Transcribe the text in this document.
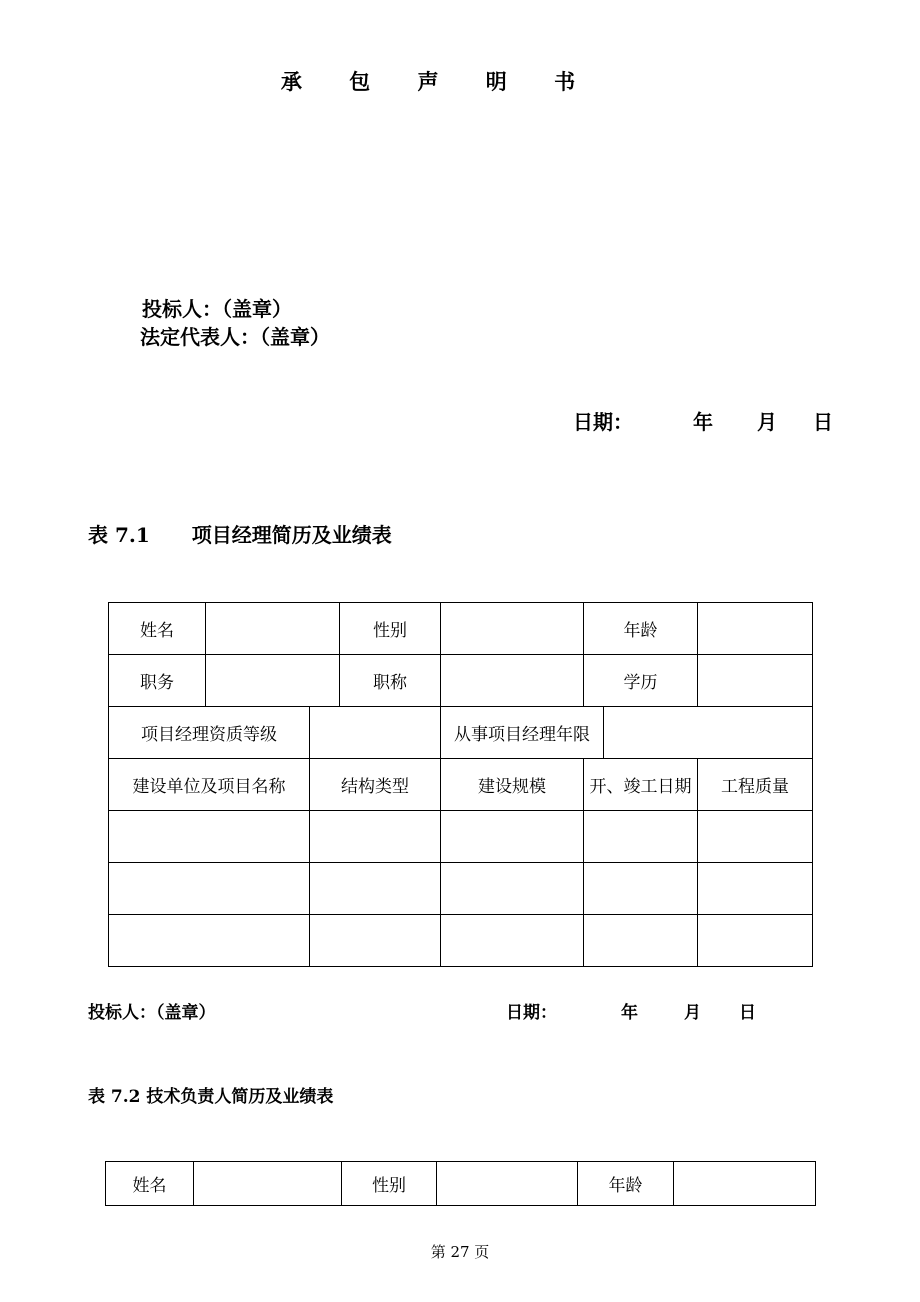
承 包 声 明 书
投标人：（盖章）
法定代表人：（盖章）
日期：	年 月 日
表 7.1 项目经理简历及业绩表
姓名			性别		年龄		
职务			职称		学历		
项目经理资质等级				从事项目经理年限			
建设单位及项目名称		结构类型		建设规模	开、竣工日期		工程质量

投标人：（盖章）	日期：	年	月 日
表 7.2 技术负责人简历及业绩表
姓名		性别		年龄	
第 27 页
